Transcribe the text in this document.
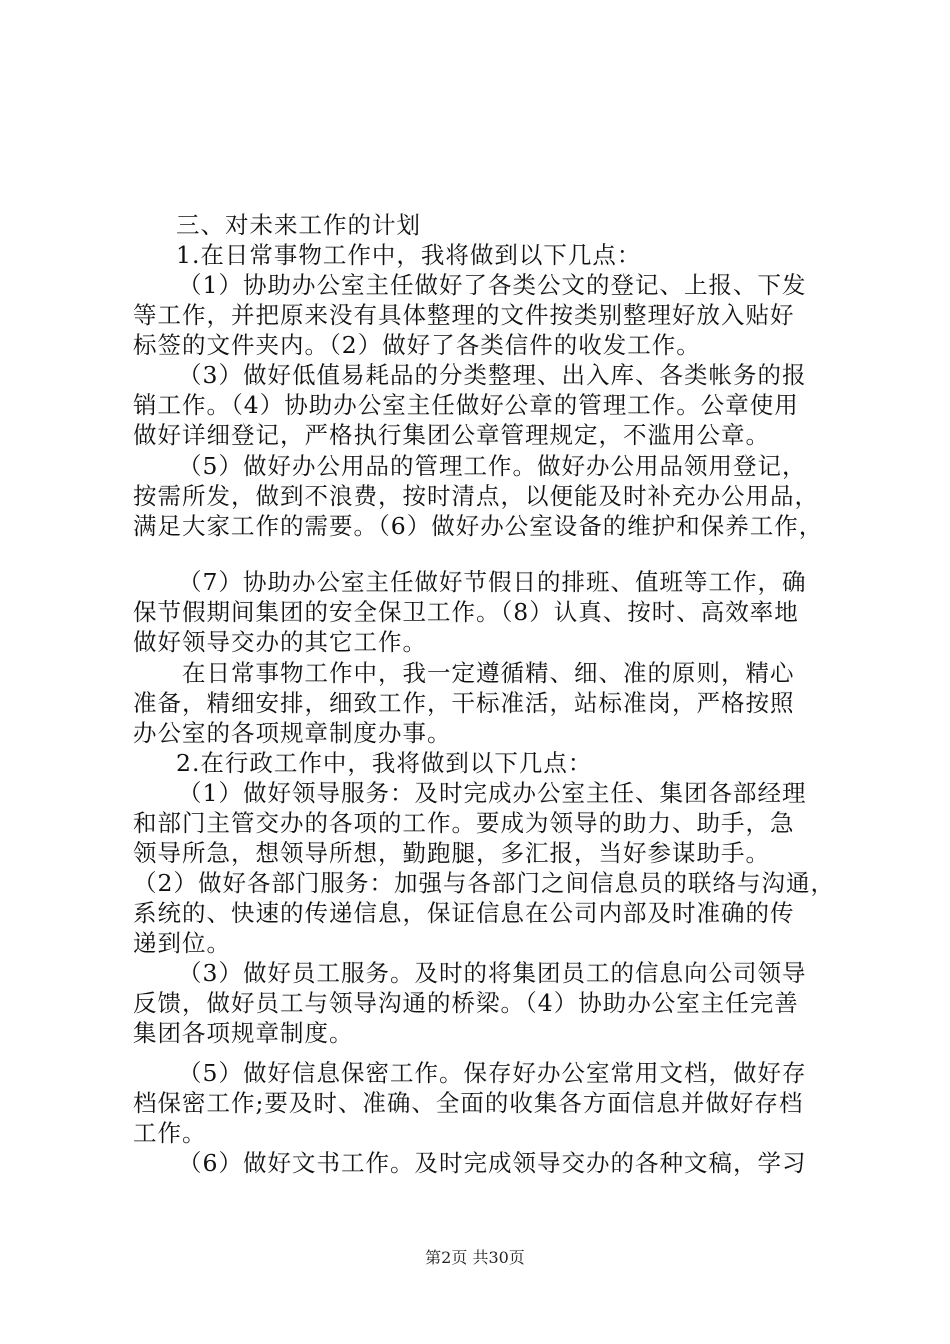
三、对未来工作的计划
1.在日常事物工作中，我将做到以下几点：
（1）协助办公室主任做好了各类公文的登记、上报、下发
等工作，并把原来没有具体整理的文件按类别整理好放入贴好
标签的文件夹内。（2）做好了各类信件的收发工作。
（3）做好低值易耗品的分类整理、出入库、各类帐务的报
销工作。（4）协助办公室主任做好公章的管理工作。公章使用
做好详细登记，严格执行集团公章管理规定，不滥用公章。
（5）做好办公用品的管理工作。做好办公用品领用登记，
按需所发，做到不浪费，按时清点，以便能及时补充办公用品，
满足大家工作的需要。（6）做好办公室设备的维护和保养工作，
（7）协助办公室主任做好节假日的排班、值班等工作，确
保节假期间集团的安全保卫工作。（8）认真、按时、高效率地
做好领导交办的其它工作。
在日常事物工作中，我一定遵循精、细、准的原则，精心
准备，精细安排，细致工作，干标准活，站标准岗，严格按照
办公室的各项规章制度办事。
2.在行政工作中，我将做到以下几点：
（1）做好领导服务：及时完成办公室主任、集团各部经理
和部门主管交办的各项的工作。要成为领导的助力、助手，急
领导所急，想领导所想，勤跑腿，多汇报，当好参谋助手。
（2）做好各部门服务：加强与各部门之间信息员的联络与沟通，
系统的、快速的传递信息，保证信息在公司内部及时准确的传
递到位。
（3）做好员工服务。及时的将集团员工的信息向公司领导
反馈，做好员工与领导沟通的桥梁。（4）协助办公室主任完善
集团各项规章制度。
（5）做好信息保密工作。保存好办公室常用文档，做好存
档保密工作;要及时、准确、全面的收集各方面信息并做好存档
工作。
（6）做好文书工作。及时完成领导交办的各种文稿，学习
第2页 共30页
